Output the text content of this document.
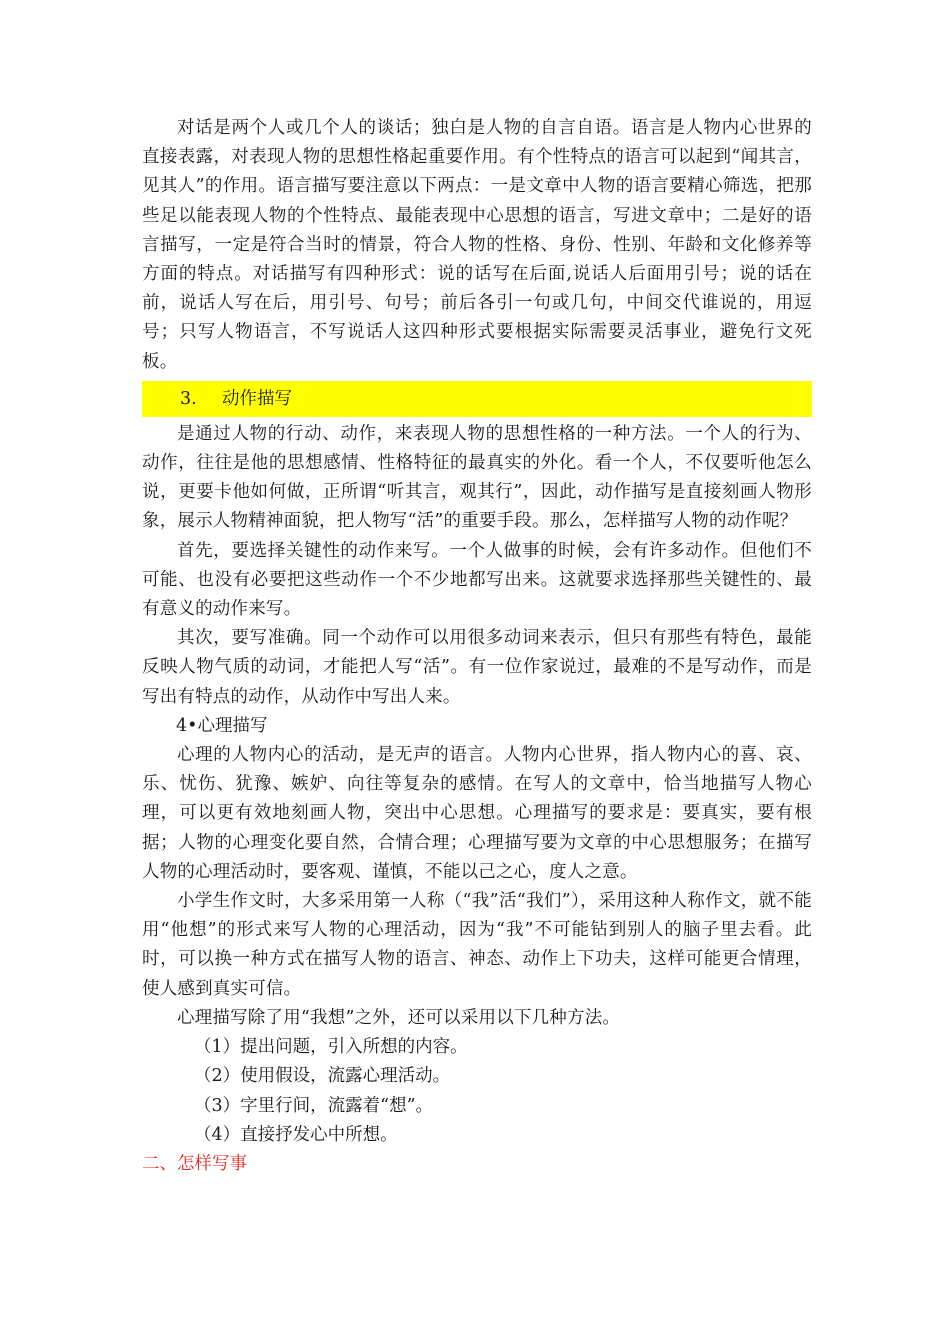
对话是两个人或几个人的谈话；独白是人物的自言自语。语言是人物内心世界的直接表露，对表现人物的思想性格起重要作用。有个性特点的语言可以起到“闻其言，见其人”的作用。语言描写要注意以下两点：一是文章中人物的语言要精心筛选，把那些足以能表现人物的个性特点、最能表现中心思想的语言，写进文章中；二是好的语言描写，一定是符合当时的情景，符合人物的性格、身份、性别、年龄和文化修养等方面的特点。对话描写有四种形式：说的话写在后面,说话人后面用引号；说的话在前，说话人写在后，用引号、句号；前后各引一句或几句，中间交代谁说的，用逗号；只写人物语言，不写说话人这四种形式要根据实际需要灵活事业，避免行文死板。

3. 动作描写

是通过人物的行动、动作，来表现人物的思想性格的一种方法。一个人的行为、动作，往往是他的思想感情、性格特征的最真实的外化。看一个人，不仅要听他怎么说，更要卡他如何做，正所谓“听其言，观其行”，因此，动作描写是直接刻画人物形象，展示人物精神面貌，把人物写“活”的重要手段。那么，怎样描写人物的动作呢？

首先，要选择关键性的动作来写。一个人做事的时候，会有许多动作。但他们不可能、也没有必要把这些动作一个不少地都写出来。这就要求选择那些关键性的、最有意义的动作来写。

其次，要写准确。同一个动作可以用很多动词来表示，但只有那些有特色，最能反映人物气质的动词，才能把人写“活”。有一位作家说过，最难的不是写动作，而是写出有特点的动作，从动作中写出人来。

4•心理描写

心理的人物内心的活动，是无声的语言。人物内心世界，指人物内心的喜、哀、乐、忧伤、犹豫、嫉妒、向往等复杂的感情。在写人的文章中，恰当地描写人物心理，可以更有效地刻画人物，突出中心思想。心理描写的要求是：要真实，要有根据；人物的心理变化要自然，合情合理；心理描写要为文章的中心思想服务；在描写人物的心理活动时，要客观、谨慎，不能以己之心，度人之意。

小学生作文时，大多采用第一人称（“我”活“我们”），采用这种人称作文，就不能用“他想”的形式来写人物的心理活动，因为“我”不可能钻到别人的脑子里去看。此时，可以换一种方式在描写人物的语言、神态、动作上下功夫，这样可能更合情理，使人感到真实可信。

心理描写除了用“我想”之外，还可以采用以下几种方法。

（1）提出问题，引入所想的内容。

（2）使用假设，流露心理活动。

（3）字里行间，流露着“想”。

（4）直接抒发心中所想。

二、怎样写事
